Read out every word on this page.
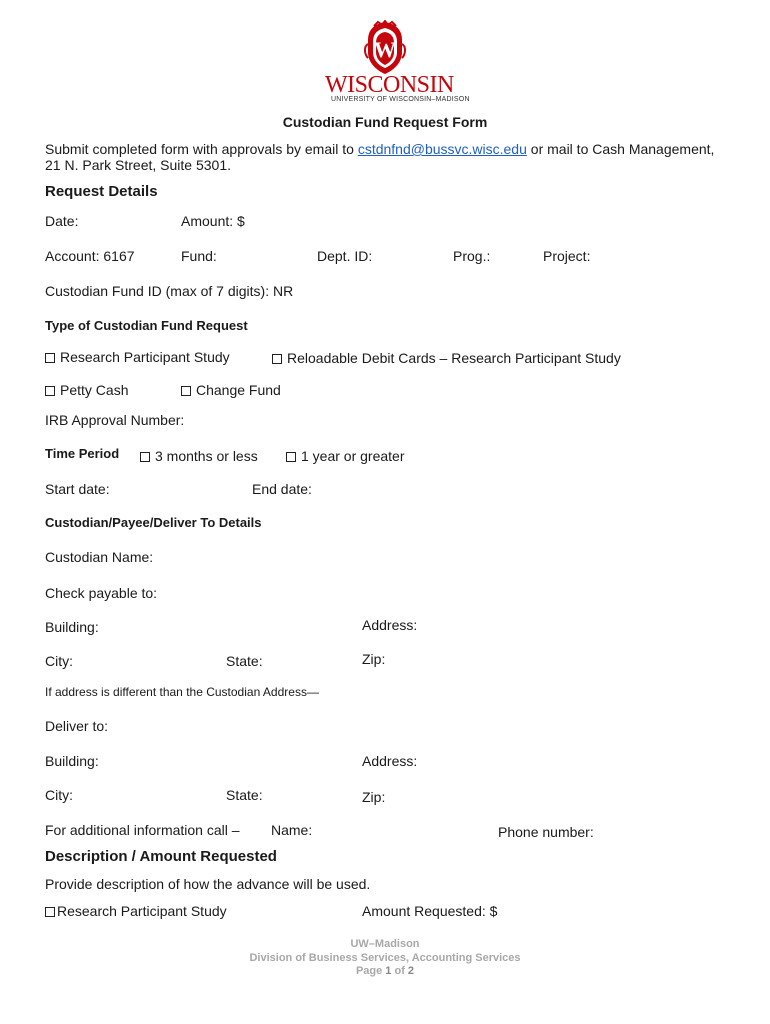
W
WISCONSIN
UNIVERSITY OF WISCONSIN–MADISON
Custodian Fund Request Form
Submit completed form with approvals by email to cstdnfnd@bussvc.wisc.edu or mail to Cash Management,
21 N. Park Street, Suite 5301.
Request Details
Date:	Amount: $
Account: 6167	Fund:	Dept. ID:	Prog.:	Project:
Custodian Fund ID (max of 7 digits): NR
Type of Custodian Fund Request
Research Participant Study	Reloadable Debit Cards – Research Participant Study
Petty Cash	Change Fund
IRB Approval Number:
Time Period	3 months or less	1 year or greater
Start date:	End date:
Custodian/Payee/Deliver To Details
Custodian Name:
Check payable to:
Building:	Address:
City:	State:	Zip:
If address is different than the Custodian Address—
Deliver to:
Building:	Address:
City:	State:	Zip:
For additional information call – Name:	Phone number:
Description / Amount Requested
Provide description of how the advance will be used.
Research Participant Study	Amount Requested: $
UW–Madison
Division of Business Services, Accounting Services
Page 1 of 2
